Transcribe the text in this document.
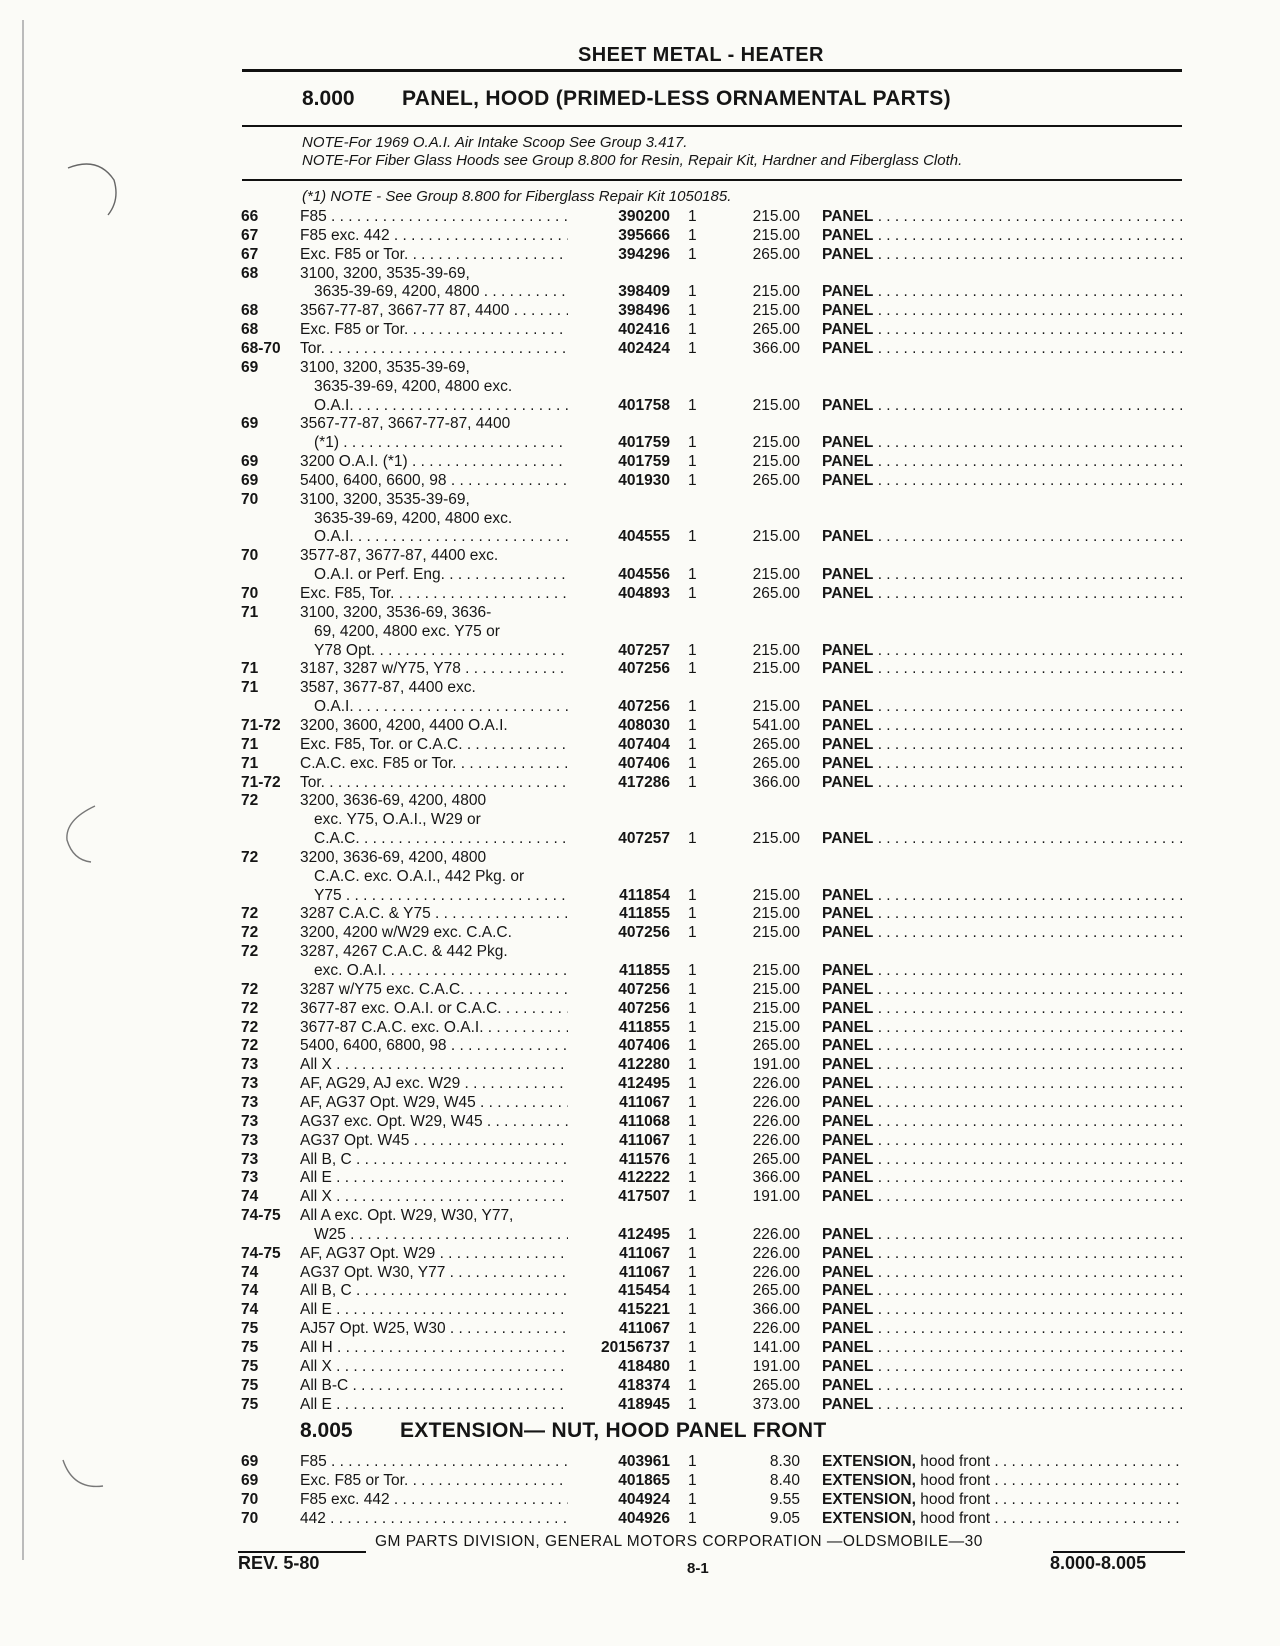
SHEET METAL - HEATER
8.000 PANEL, HOOD (PRIMED-LESS ORNAMENTAL PARTS)
NOTE-For 1969 O.A.I. Air Intake Scoop See Group 3.417.
NOTE-For Fiber Glass Hoods see Group 8.800 for Resin, Repair Kit, Hardner and Fiberglass Cloth.
(*1) NOTE - See Group 8.800 for Fiberglass Repair Kit 1050185.
66	F85 . . .	390200 1	215.00 PANEL . . .
67	F85 exc. 442 . . .	395666 1	215.00 PANEL . . .
67	Exc. F85 or Tor. . . .	394296 1	265.00 PANEL . . .
68	3100, 3200, 3535-39-69,
3635-39-69, 4200, 4800 . . .	398409 1	215.00 PANEL . . .
68	3567-77-87, 3667-77 87, 4400 . . .	398496 1	215.00 PANEL . . .
68	Exc. F85 or Tor. . . .	402416 1	265.00 PANEL . . .
68-70 Tor. . . .	402424 1	366.00 PANEL . . .
69	3100, 3200, 3535-39-69,
3635-39-69, 4200, 4800 exc.
O.A.I. . . .	401758 1	215.00 PANEL . . .
69	3567-77-87, 3667-77-87, 4400
(*1) . . .	401759 1	215.00 PANEL . . .
69	3200 O.A.I. (*1) . . .	401759 1	215.00 PANEL . . .
69	5400, 6400, 6600, 98 . . .	401930 1	265.00 PANEL . . .
70	3100, 3200, 3535-39-69,
3635-39-69, 4200, 4800 exc.
O.A.I. . . .	404555 1	215.00 PANEL . . .
70	3577-87, 3677-87, 4400 exc.
O.A.I. or Perf. Eng. . . .	404556 1	215.00 PANEL . . .
70	Exc. F85, Tor. . . .	404893 1	265.00 PANEL . . .
71	3100, 3200, 3536-69, 3636-
69, 4200, 4800 exc. Y75 or
Y78 Opt. . . .	407257 1	215.00 PANEL . . .
71	3187, 3287 w/Y75, Y78 . . .	407256 1	215.00 PANEL . . .
71	3587, 3677-87, 4400 exc.
O.A.I. . . .	407256 1	215.00 PANEL . . .
71-72 3200, 3600, 4200, 4400 O.A.I.	408030 1	541.00 PANEL . . .
71	Exc. F85, Tor. or C.A.C. . . .	407404 1	265.00 PANEL . . .
71	C.A.C. exc. F85 or Tor. . . .	407406 1	265.00 PANEL . . .
71-72 Tor. . . .	417286 1	366.00 PANEL . . .
72	3200, 3636-69, 4200, 4800
exc. Y75, O.A.I., W29 or
C.A.C. . . .	407257 1	215.00 PANEL . . .
72	3200, 3636-69, 4200, 4800
C.A.C. exc. O.A.I., 442 Pkg. or
Y75 . . .	411854 1	215.00 PANEL . . .
72	3287 C.A.C. & Y75 . . .	411855 1	215.00 PANEL . . .
72	3200, 4200 w/W29 exc. C.A.C.	407256 1	215.00 PANEL . . .
72	3287, 4267 C.A.C. & 442 Pkg.
exc. O.A.I. . . .	411855 1	215.00 PANEL . . .
72	3287 w/Y75 exc. C.A.C. . . .	407256 1	215.00 PANEL . . .
72	3677-87 exc. O.A.I. or C.A.C. . . .	407256 1	215.00 PANEL . . .
72	3677-87 C.A.C. exc. O.A.I. . . .	411855 1	215.00 PANEL . . .
72	5400, 6400, 6800, 98 . . .	407406 1	265.00 PANEL . . .
73	All X . . .	412280 1	191.00 PANEL . . .
73	AF, AG29, AJ exc. W29 . . .	412495 1	226.00 PANEL . . .
73	AF, AG37 Opt. W29, W45 . . .	411067 1	226.00 PANEL . . .
73	AG37 exc. Opt. W29, W45 . . .	411068 1	226.00 PANEL . . .
73	AG37 Opt. W45 . . .	411067 1	226.00 PANEL . . .
73	All B, C . . .	411576 1	265.00 PANEL . . .
73	All E . . .	412222 1	366.00 PANEL . . .
74	All X . . .	417507 1	191.00 PANEL . . .
74-75 All A exc. Opt. W29, W30, Y77,
W25 . . .	412495 1	226.00 PANEL . . .
74-75 AF, AG37 Opt. W29 . . .	411067 1	226.00 PANEL . . .
74	AG37 Opt. W30, Y77 . . .	411067 1	226.00 PANEL . . .
74	All B, C . . .	415454 1	265.00 PANEL . . .
74	All E . . .	415221 1	366.00 PANEL . . .
75	AJ57 Opt. W25, W30 . . .	411067 1	226.00 PANEL . . .
75	All H . . .	20156737 1	141.00 PANEL . . .
75	All X . . .	418480 1	191.00 PANEL . . .
75	All B-C . . .	418374 1	265.00 PANEL . . .
75	All E . . .	418945 1	373.00 PANEL . . .
8.005 EXTENSION— NUT, HOOD PANEL FRONT
69	F85 . . .	403961 1	8.30 EXTENSION, hood front . . .
69	Exc. F85 or Tor. . . .	401865 1	8.40 EXTENSION, hood front . . .
70	F85 exc. 442 . . .	404924 1	9.55 EXTENSION, hood front . . .
70	442 . . .	404926 1	9.05 EXTENSION, hood front . . .
GM PARTS DIVISION, GENERAL MOTORS CORPORATION —OLDSMOBILE—30
REV. 5-80	8-1	8.000-8.005
